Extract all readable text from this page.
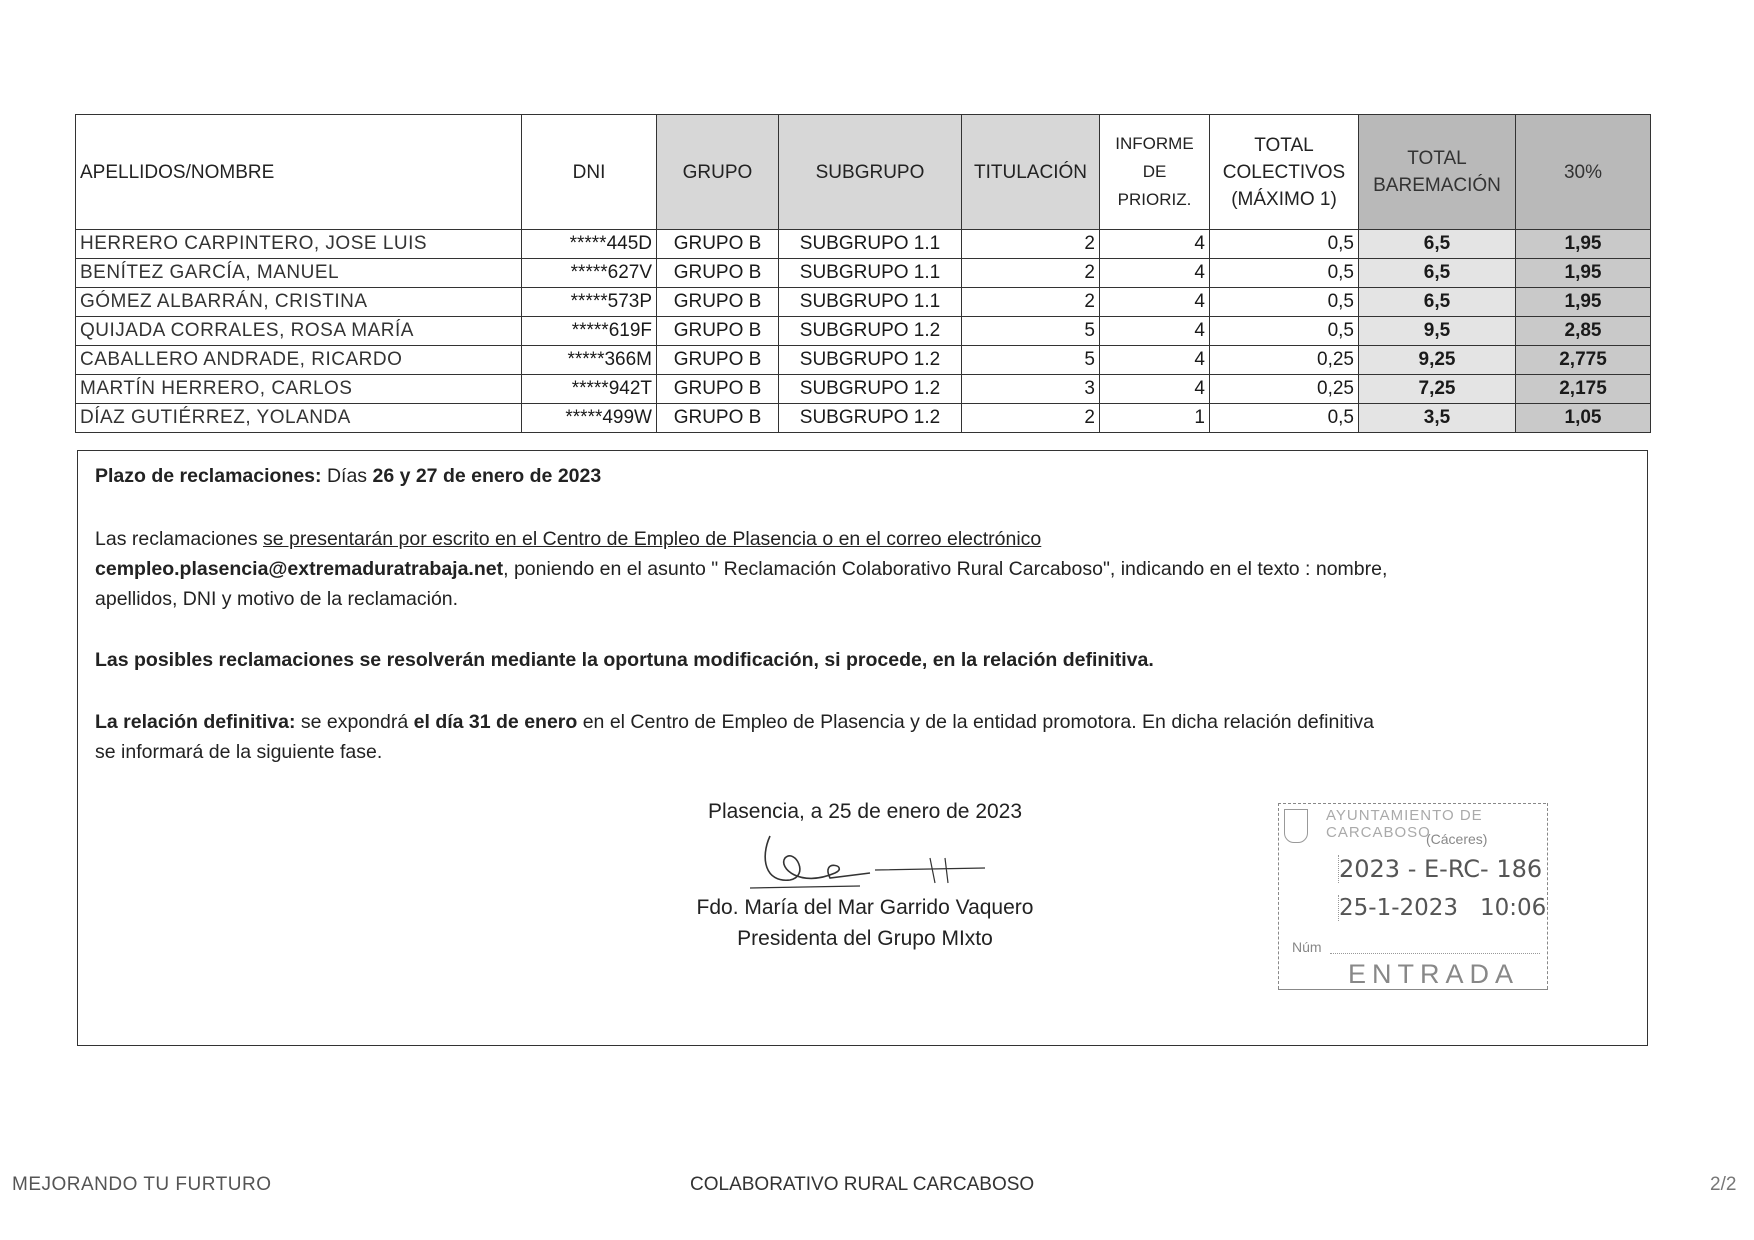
APELLIDOS/NOMBRE	DNI	GRUPO	SUBGRUPO	TITULACIÓN	INFORME
DE
PRIORIZ.	TOTAL
COLECTIVOS
(MÁXIMO 1)	TOTAL
BAREMACIÓN	30%
HERRERO CARPINTERO, JOSE LUIS	*****445D	GRUPO B	SUBGRUPO 1.1	2	4	0,5	6,5	1,95
BENÍTEZ GARCÍA, MANUEL	*****627V	GRUPO B	SUBGRUPO 1.1	2	4	0,5	6,5	1,95
GÓMEZ ALBARRÁN, CRISTINA	*****573P	GRUPO B	SUBGRUPO 1.1	2	4	0,5	6,5	1,95
QUIJADA CORRALES, ROSA MARÍA	*****619F	GRUPO B	SUBGRUPO 1.2	5	4	0,5	9,5	2,85
CABALLERO ANDRADE, RICARDO	*****366M	GRUPO B	SUBGRUPO 1.2	5	4	0,25	9,25	2,775
MARTÍN HERRERO, CARLOS	*****942T	GRUPO B	SUBGRUPO 1.2	3	4	0,25	7,25	2,175
DÍAZ GUTIÉRREZ, YOLANDA	*****499W	GRUPO B	SUBGRUPO 1.2	2	1	0,5	3,5	1,05
Plazo de reclamaciones: Días 26 y 27 de enero de 2023
Las reclamaciones se presentarán por escrito en el Centro de Empleo de Plasencia o en el correo electrónico
cempleo.plasencia@extremaduratrabaja.net, poniendo en el asunto " Reclamación Colaborativo Rural Carcaboso", indicando en el texto : nombre,
apellidos, DNI y motivo de la reclamación.
Las posibles reclamaciones se resolverán mediante la oportuna modificación, si procede, en la relación definitiva.
La relación definitiva: se expondrá el día 31 de enero en el Centro de Empleo de Plasencia y de la entidad promotora. En dicha relación definitiva
se informará de la siguiente fase.
Plasencia, a 25 de enero de 2023
Fdo. María del Mar Garrido Vaquero
Presidenta del Grupo MIxto
AYUNTAMIENTO DE CARCABOSO
(Cáceres)
2023 - E-RC- 186
25-1-2023   10:06
Núm
ENTRADA
MEJORANDO TU FURTURO	COLABORATIVO RURAL CARCABOSO	2/2
